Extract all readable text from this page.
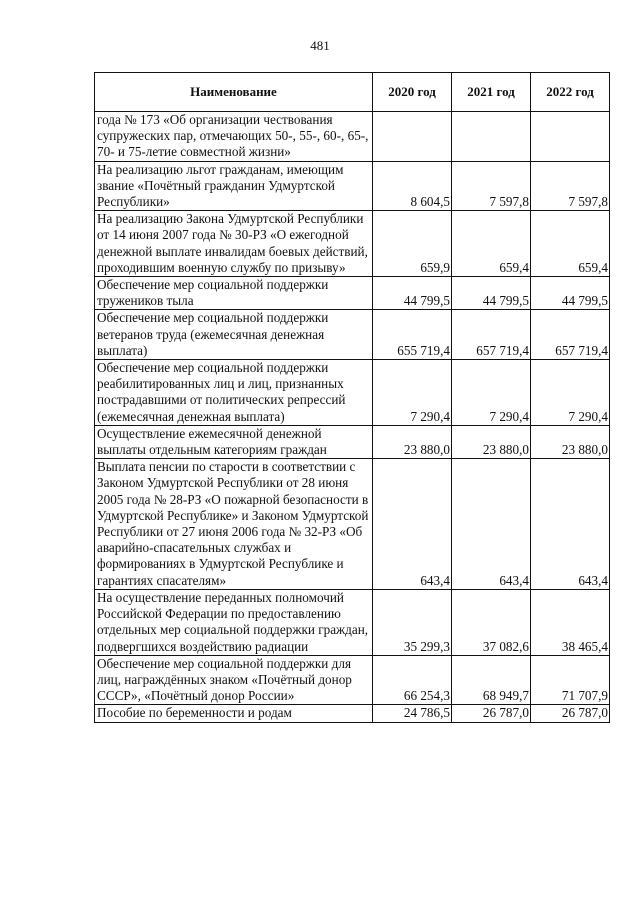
481
Наименование	2020 год	2021 год	2022 год
года № 173 «Об организации чествования супружеских пар, отмечающих 50-, 55-, 60-, 65-, 70- и 75-летие совместной жизни»			
На реализацию льгот гражданам, имеющим звание «Почётный гражданин Удмуртской Республики»	8 604,5	7 597,8	7 597,8
На реализацию Закона Удмуртской Республики от 14 июня 2007 года № 30-РЗ «О ежегодной денежной выплате инвалидам боевых действий, проходившим военную службу по призыву»	659,9	659,4	659,4
Обеспечение мер социальной поддержки тружеников тыла	44 799,5	44 799,5	44 799,5
Обеспечение мер социальной поддержки ветеранов труда (ежемесячная денежная выплата)	655 719,4	657 719,4	657 719,4
Обеспечение мер социальной поддержки реабилитированных лиц и лиц, признанных пострадавшими от политических репрессий (ежемесячная денежная выплата)	7 290,4	7 290,4	7 290,4
Осуществление ежемесячной денежной выплаты отдельным категориям граждан	23 880,0	23 880,0	23 880,0
Выплата пенсии по старости в соответствии с Законом Удмуртской Республики от 28 июня 2005 года № 28-РЗ «О пожарной безопасности в Удмуртской Республике» и Законом Удмуртской Республики от 27 июня 2006 года № 32-РЗ «Об аварийно-спасательных службах и формированиях в Удмуртской Республике и гарантиях спасателям»	643,4	643,4	643,4
На осуществление переданных полномочий Российской Федерации по предоставлению отдельных мер социальной поддержки граждан, подвергшихся воздействию радиации	35 299,3	37 082,6	38 465,4
Обеспечение мер социальной поддержки для лиц, награждённых знаком «Почётный донор СССР», «Почётный донор России»	66 254,3	68 949,7	71 707,9
Пособие по беременности и родам	24 786,5	26 787,0	26 787,0
